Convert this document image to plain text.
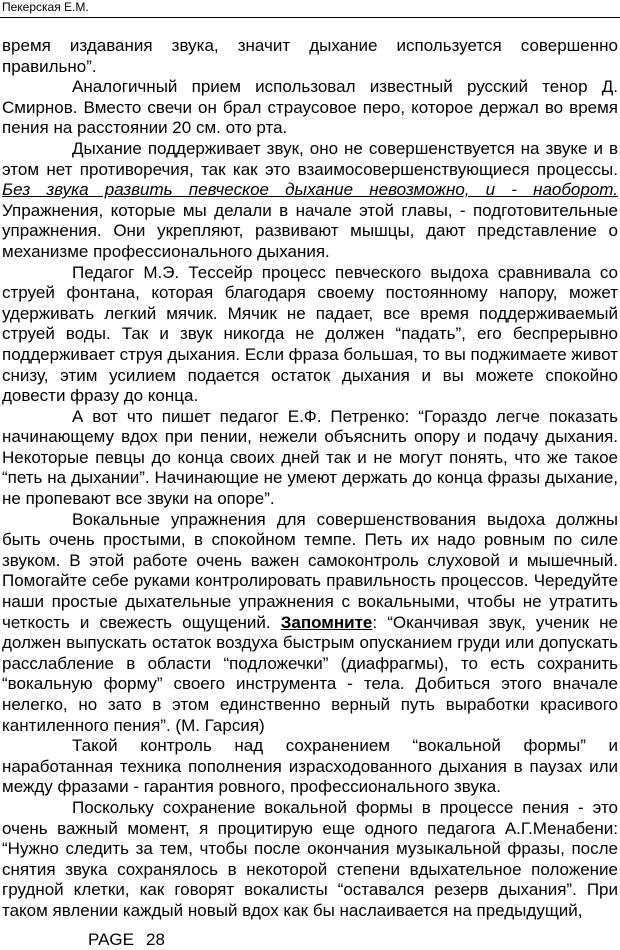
Пекерская Е.М.

время издавания звука, значит дыхание используется совершенно правильно”.

Аналогичный прием использовал известный русский тенор Д. Смирнов. Вместо свечи он брал страусовое перо, которое держал во время пения на расстоянии 20 см. ото рта.

Дыхание поддерживает звук, оно не совершенствуется на звуке и в этом нет противоречия, так как это взаимосовершенствующиеся процессы. Без звука развить певческое дыхание невозможно, и - наоборот. Упражнения, которые мы делали в начале этой главы, - подготовительные упражнения. Они укрепляют, развивают мышцы, дают представление о механизме профессионального дыхания.

Педагог М.Э. Тессейр процесс певческого выдоха сравнивала со струей фонтана, которая благодаря своему постоянному напору, может удерживать легкий мячик. Мячик не падает, все время поддерживаемый струей воды. Так и звук никогда не должен “падать”, его беспрерывно поддерживает струя дыхания. Если фраза большая, то вы поджимаете живот снизу, этим усилием подается остаток дыхания и вы можете спокойно довести фразу до конца.

А вот что пишет педагог Е.Ф. Петренко: “Гораздо легче показать начинающему вдох при пении, нежели объяснить опору и подачу дыхания. Некоторые певцы до конца своих дней так и не могут понять, что же такое “петь на дыхании”. Начинающие не умеют держать до конца фразы дыхание, не пропевают все звуки на опоре”.

Вокальные упражнения для совершенствования выдоха должны быть очень простыми, в спокойном темпе. Петь их надо ровным по силе звуком. В этой работе очень важен самоконтроль слуховой и мышечный. Помогайте себе руками контролировать правильность процессов. Чередуйте наши простые дыхательные упражнения с вокальными, чтобы не утратить четкость и свежесть ощущений. Запомните: “Оканчивая звук, ученик не должен выпускать остаток воздуха быстрым опусканием груди или допускать расслабление в области “подложечки” (диафрагмы), то есть сохранить “вокальную форму” своего инструмента - тела. Добиться этого вначале нелегко, но зато в этом единственно верный путь выработки красивого кантиленного пения”. (М. Гарсия)

Такой контроль над сохранением “вокальной формы” и наработанная техника пополнения израсходованного дыхания в паузах или между фразами - гарантия ровного, профессионального звука.

Поскольку сохранение вокальной формы в процессе пения - это очень важный момент, я процитирую еще одного педагога А.Г.Менабени: “Нужно следить за тем, чтобы после окончания музыкальной фразы, после снятия звука сохранялось в некоторой степени вдыхательное положение грудной клетки, как говорят вокалисты “оставался резерв дыхания”. При таком явлении каждый новый вдох как бы наслаивается на предыдущий,

PAGE 28
